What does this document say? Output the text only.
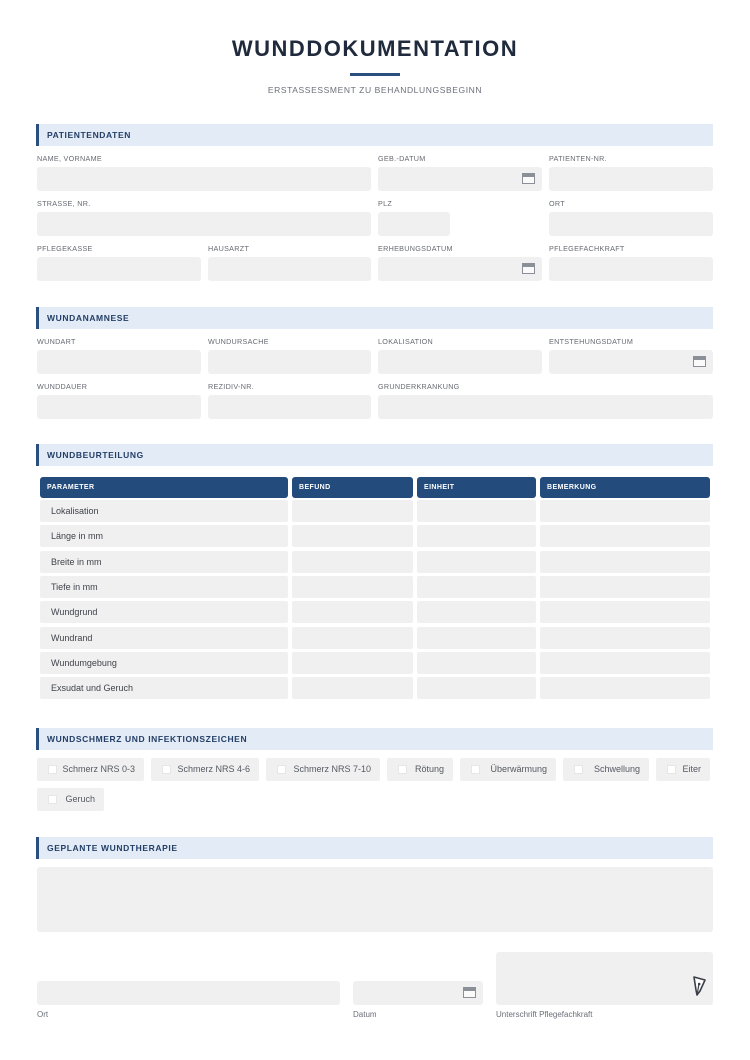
WUNDDOKUMENTATION
ERSTASSESSMENT ZU BEHANDLUNGSBEGINN
PATIENTENDATEN
NAME, VORNAME	GEB.-DATUM	PATIENTEN-NR.
STRASSE, NR.	PLZ	ORT
PFLEGEKASSE	HAUSARZT	ERHEBUNGSDATUM	PFLEGEFACHKRAFT
WUNDANAMNESE
WUNDART	WUNDURSACHE	LOKALISATION	ENTSTEHUNGSDATUM
WUNDDAUER	REZIDIV-NR.	GRUNDERKRANKUNG
WUNDBEURTEILUNG
PARAMETER	BEFUND	EINHEIT	BEMERKUNG
Lokalisation
Länge in mm
Breite in mm
Tiefe in mm
Wundgrund
Wundrand
Wundumgebung
Exsudat und Geruch
WUNDSCHMERZ UND INFEKTIONSZEICHEN
Schmerz NRS 0-3	Schmerz NRS 4-6	Schmerz NRS 7-10	Rötung	Überwärmung	Schwellung	Eiter
Geruch
GEPLANTE WUNDTHERAPIE
Ort	Datum	Unterschrift Pflegefachkraft
